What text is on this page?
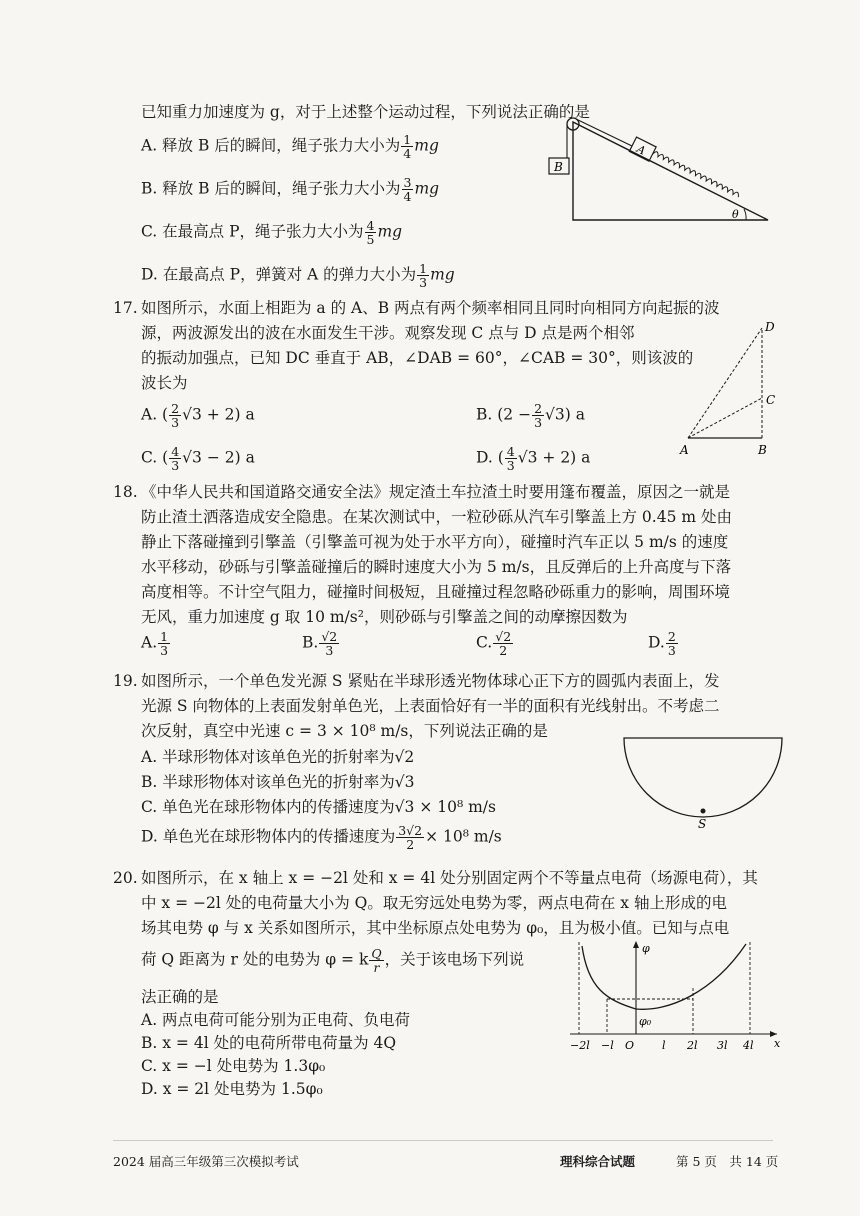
已知重力加速度为 g，对于上述整个运动过程，下列说法正确的是
A. 释放 B 后的瞬间，绳子张力大小为 $\frac{1}{4}$ mg
B. 释放 B 后的瞬间，绳子张力大小为 $\frac{3}{4}$ mg
C. 在最高点 P，绳子张力大小为 $\frac{4}{5}$ mg
D. 在最高点 P，弹簧对 A 的弹力大小为 $\frac{1}{3}$ mg
B
A
θ
17. 如图所示，水面上相距为 a 的 A、B 两点有两个频率相同且同时向相同方向起振的波
源，两波源发出的波在水面发生干涉。观察发现 C 点与 D 点是两个相邻
的振动加强点，已知 DC 垂直于 AB，∠DAB = 60°，∠CAB = 30°，则该波的
波长为
A. ( $\frac{2}{3} √3 + 2$) a	B. $(2 - \frac{2}{3} √3)$ a
C. ( $\frac{4}{3} √3 - 2$) a	D. ( $\frac{4}{3} √3 + 2$) a	A	B
C
D
18. 《中华人民共和国道路交通安全法》规定渣土车拉渣土时要用篷布覆盖，原因之一就是
防止渣土洒落造成安全隐患。在某次测试中，一粒砂砾从汽车引擎盖上方 0.45 m 处由
静止下落碰撞到引擎盖（引擎盖可视为处于水平方向），碰撞时汽车正以 5 m/s 的速度
水平移动，砂砾与引擎盖碰撞后的瞬时速度大小为 5 m/s，且反弹后的上升高度与下落
高度相等。不计空气阻力，碰撞时间极短，且碰撞过程忽略砂砾重力的影响，周围环境
无风，重力加速度 g 取 10 m/s²，则砂砾与引擎盖之间的动摩擦因数为
A. $\frac{1}{3}$	B. $\frac{√2}{3}$	C. $\frac{√2}{2}$	D. $\frac{2}{3}$
19. 如图所示，一个单色发光源 S 紧贴在半球形透光物体球心正下方的圆弧内表面上，发
光源 S 向物体的上表面发射单色光，上表面恰好有一半的面积有光线射出。不考虑二
次反射，真空中光速 c = 3 × 10⁸ m/s，下列说法正确的是
A. 半球形物体对该单色光的折射率为√2
B. 半球形物体对该单色光的折射率为√3
C. 单色光在球形物体内的传播速度为√3 × 10⁸ m/s
D. 单色光在球形物体内的传播速度为 $\frac{3√2}{2} \times 10^8$ m/s
S
20. 如图所示，在 x 轴上 x = −2l 处和 x = 4l 处分别固定两个不等量点电荷（场源电荷），其
中 x = −2l 处的电荷量大小为 Q。取无穷远处电势为零，两点电荷在 x 轴上形成的电
场其电势 φ 与 x 关系如图所示，其中坐标原点处电势为 φ₀，且为极小值。已知与点电
荷 Q 距离为 r 处的电势为 φ = k $\frac{Q}{r}$ ，关于该电场下列说
法正确的是
A. 两点电荷可能分别为正电荷、负电荷
B. x = 4l 处的电荷所带电荷量为 4Q
C. x = −l 处电势为 1.3φ₀
D. x = 2l 处电势为 1.5φ₀
φ
x
φ₀
O
−2l −l	l 2l 3l 4l
2024 届高三年级第三次模拟考试	理科综合试题	第 5 页　共 14 页
